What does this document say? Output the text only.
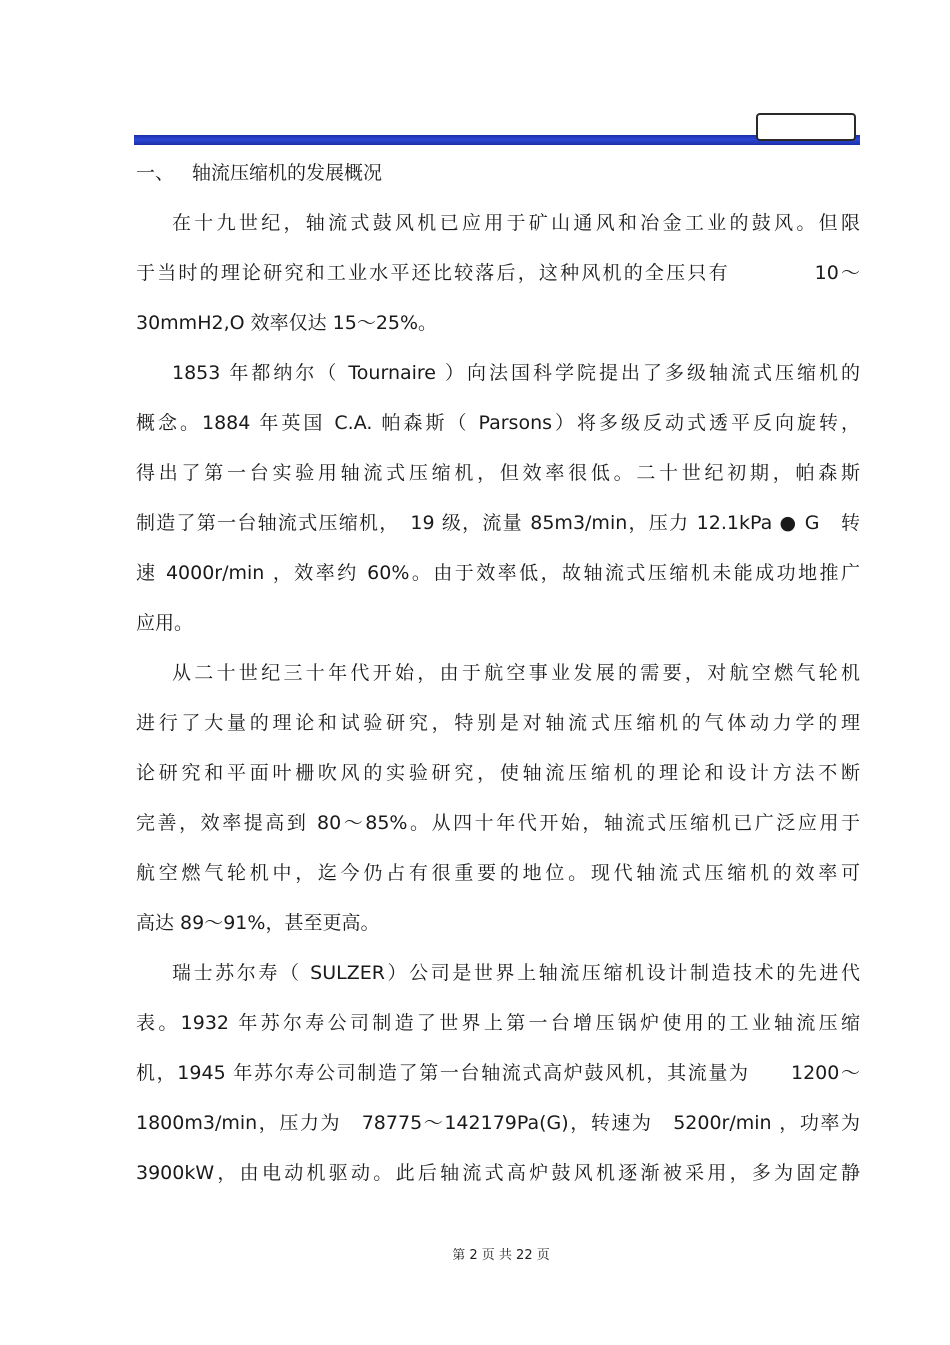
一、 轴流压缩机的发展概况
在十九世纪，轴流式鼓风机已应用于矿山通风和冶金工业的鼓风。但限
于当时的理论研究和工业水平还比较落后，这种风机的全压只有　　　　10～
30mmH2,O 效率仅达 15～25%。
1853 年都纳尔（ Tournaire ）向法国科学院提出了多级轴流式压缩机的
概念。1884 年英国 C.A. 帕森斯（ Parsons）将多级反动式透平反向旋转，
得出了第一台实验用轴流式压缩机，但效率很低。二十世纪初期，帕森斯
制造了第一台轴流式压缩机，　19 级，流量 85m3/min，压力 12.1kPa ● G　转
速 4000r/min ，效率约 60%。由于效率低，故轴流式压缩机未能成功地推广
应用。
从二十世纪三十年代开始，由于航空事业发展的需要，对航空燃气轮机
进行了大量的理论和试验研究，特别是对轴流式压缩机的气体动力学的理
论研究和平面叶栅吹风的实验研究，使轴流压缩机的理论和设计方法不断
完善，效率提高到 80～85%。从四十年代开始，轴流式压缩机已广泛应用于
航空燃气轮机中，迄今仍占有很重要的地位。现代轴流式压缩机的效率可
高达 89～91%，甚至更高。
瑞士苏尔寿（ SULZER）公司是世界上轴流压缩机设计制造技术的先进代
表。1932 年苏尔寿公司制造了世界上第一台增压锅炉使用的工业轴流压缩
机，1945 年苏尔寿公司制造了第一台轴流式高炉鼓风机，其流量为　　1200～
1800m3/min，压力为　78775～142179Pa(G)，转速为　5200r/min ，功率为
3900kW，由电动机驱动。此后轴流式高炉鼓风机逐渐被采用，多为固定静
第 2 页 共 22 页
